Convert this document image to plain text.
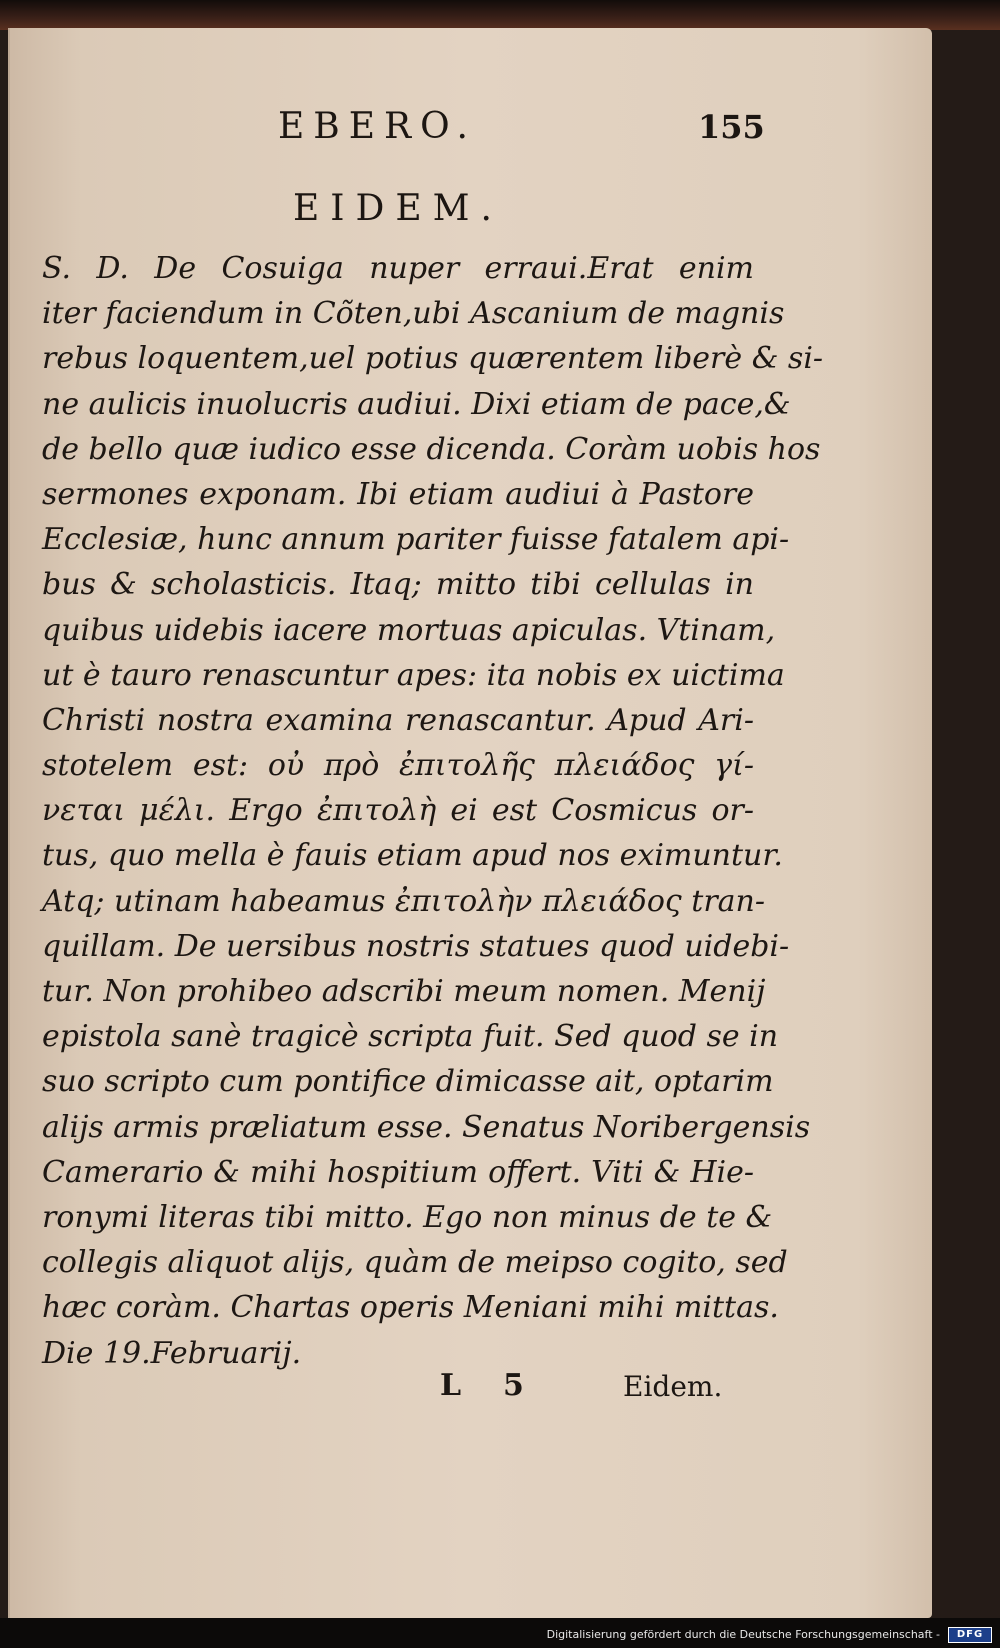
EBERO.	155
EIDEM.
S. D. De Cosuiga nuper erraui.Erat enim
iter faciendum in Cõten,ubi Ascanium de magnis
rebus loquentem,uel potius quærentem liberè & si-
ne aulicis inuolucris audiui. Dixi etiam de pace,&
de bello quæ iudico esse dicenda. Coràm uobis hos
sermones exponam. Ibi etiam audiui à Pastore
Ecclesiæ, hunc annum pariter fuisse fatalem api-
bus & scholasticis. Itaq; mitto tibi cellulas in
quibus uidebis iacere mortuas apiculas. Vtinam,
ut è tauro renascuntur apes: ita nobis ex uictima
Christi nostra examina renascantur. Apud Ari-
stotelem est: οὐ πρὸ ἐπιτολῆς πλειάδος γί-
νεται μέλι. Ergo ἐπιτολὴ ei est Cosmicus or-
tus, quo mella è fauis etiam apud nos eximuntur.
Atq; utinam habeamus ἐπιτολὴν πλειάδος tran-
quillam. De uersibus nostris statues quod uidebi-
tur. Non prohibeo adscribi meum nomen. Menij
epistola sanè tragicè scripta fuit. Sed quod se in
suo scripto cum pontifice dimicasse ait, optarim
alijs armis præliatum esse. Senatus Noribergensis
Camerario & mihi hospitium offert. Viti & Hie-
ronymi literas tibi mitto. Ego non minus de te &
collegis aliquot alijs, quàm de meipso cogito, sed
hæc coràm. Chartas operis Meniani mihi mittas.
Die 19.Februarij.
L 5	Eidem.
Digitalisierung gefördert durch die Deutsche Forschungsgemeinschaft -	DFG
